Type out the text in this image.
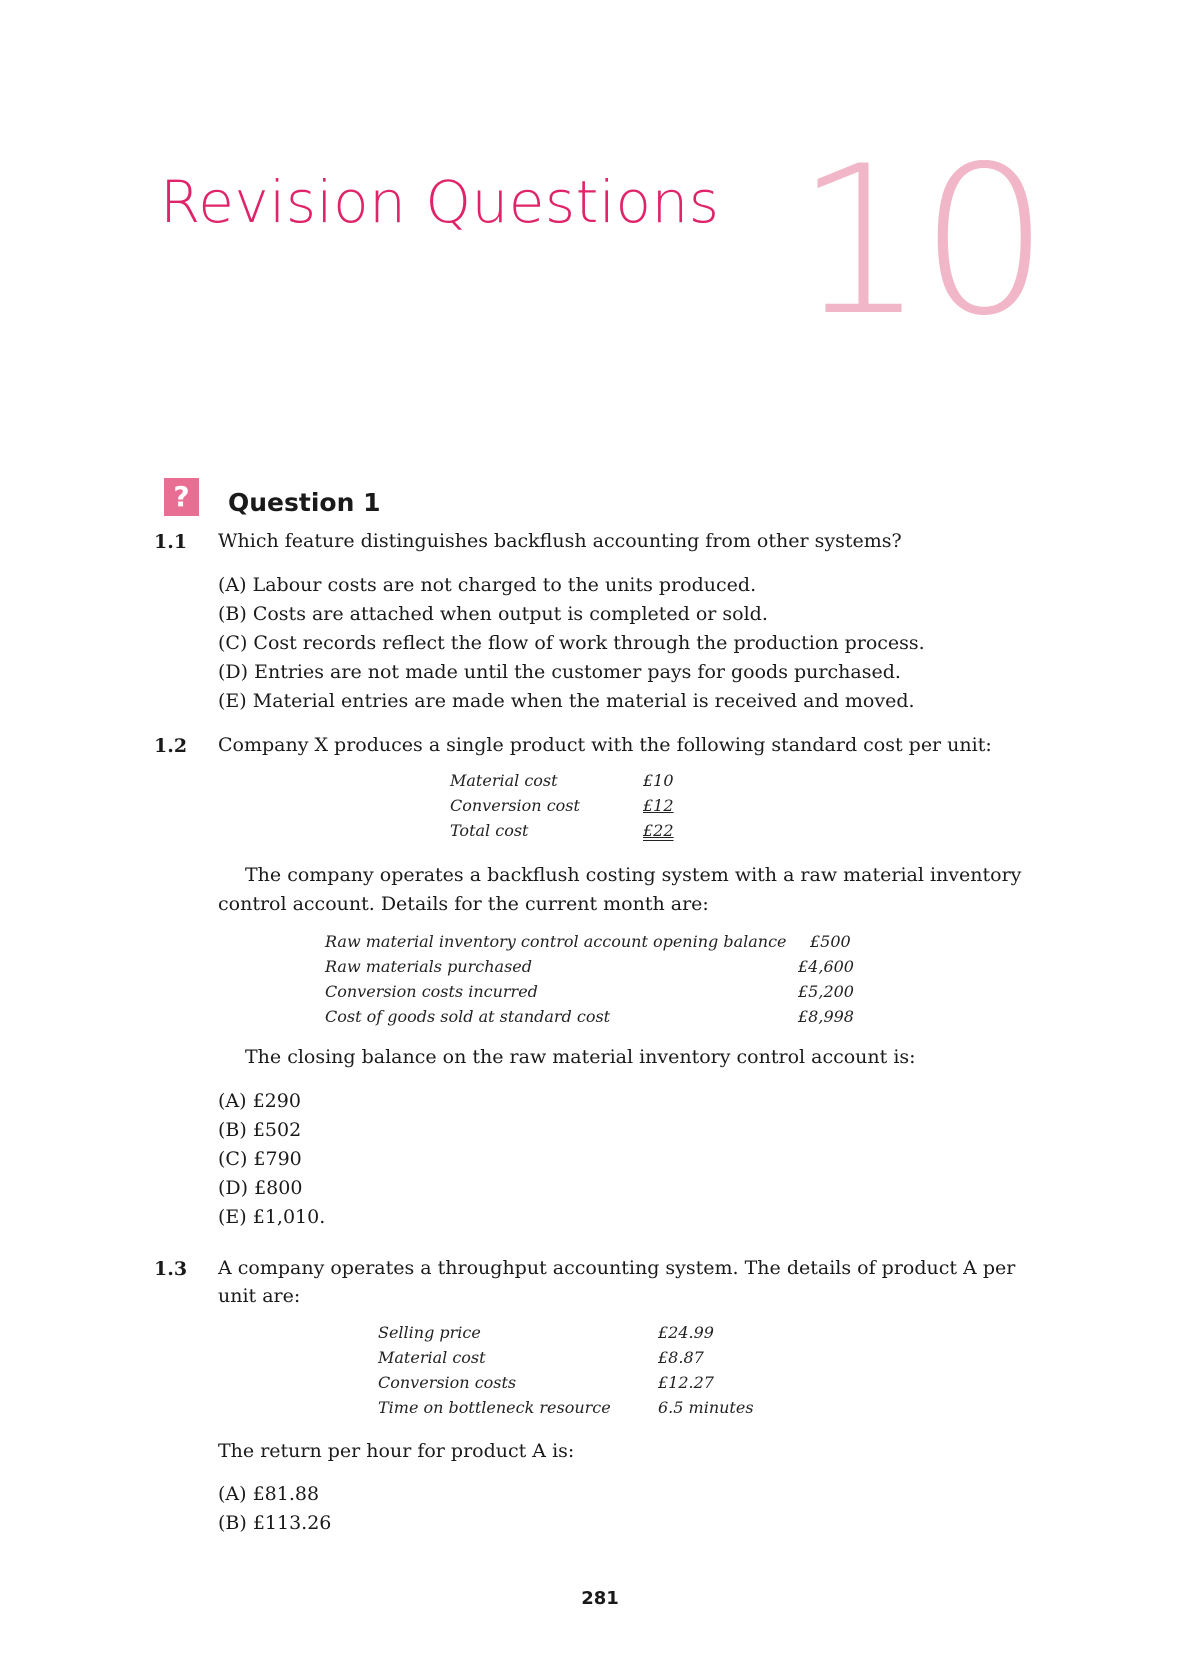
Revision Questions 10
?	Question 1
1.1 Which feature distinguishes backflush accounting from other systems?
(A) Labour costs are not charged to the units produced.
(B) Costs are attached when output is completed or sold.
(C) Cost records reflect the flow of work through the production process.
(D) Entries are not made until the customer pays for goods purchased.
(E) Material entries are made when the material is received and moved.
1.2 Company X produces a single product with the following standard cost per unit:
Material cost	£10
Conversion cost	£12
Total cost	£22
The company operates a backflush costing system with a raw material inventory
control account. Details for the current month are:
Raw material inventory control account opening balance £500
Raw materials purchased	£4,600
Conversion costs incurred	£5,200
Cost of goods sold at standard cost	£8,998
The closing balance on the raw material inventory control account is:
(A) £290
(B) £502
(C) £790
(D) £800
(E) £1,010.
1.3 A company operates a throughput accounting system. The details of product A per
unit are:
Selling price	£24.99
Material cost	£8.87
Conversion costs	£12.27
Time on bottleneck resource	6.5 minutes
The return per hour for product A is:
(A) £81.88
(B) £113.26
281
